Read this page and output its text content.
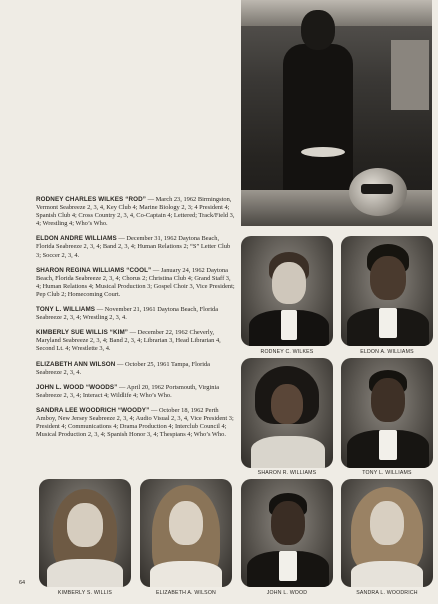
RODNEY CHARLES WILKES “ROD” — March 23, 1962 Birmingston, Vermont Seabreeze 2, 3, 4, Key Club 4; Marine Biology 2, 3; 4 President 4; Spanish Club 4; Cross Country 2, 3, 4, Co-Captain 4; Lettered; Track/Field 3, 4; Wrestling 4; Who’s Who.

ELDON ANDRE WILLIAMS — December 31, 1962 Daytona Beach, Florida Seabreeze 2, 3, 4; Band 2, 3, 4; Human Relations 2; “S” Letter Club 3; Soccer 2, 3, 4.

SHARON REGINA WILLIAMS “COOL” — January 24, 1962 Daytona Beach, Florida Seabreeze 2, 3, 4; Chorus 2; Christina Club 4; Grand Staff 3, 4; Human Relations 4; Musical Production 3; Gospel Choir 3, Vice President; Pep Club 2; Homecoming Court.

TONY L. WILLIAMS — November 21, 1961 Daytona Beach, Florida Seabreeze 2, 3, 4; Wrestling 2, 3, 4.

KIMBERLY SUE WILLIS “KIM” — December 22, 1962 Cheverly, Maryland Seabreeze 2, 3, 4; Band 2, 3, 4; Librarian 3, Head Librarian 4, Second Lt. 4; Wrestlette 3, 4.

ELIZABETH ANN WILSON — October 25, 1961 Tampa, Florida Seabreeze 2, 3, 4.

JOHN L. WOOD “WOODS” — April 20, 1962 Portsmouth, Virginia Seabreeze 2, 3, 4; Interact 4; Wildlife 4; Who’s Who.

SANDRA LEE WOODRICH “WOODY” — October 18, 1962 Perth Amboy, New Jersey Seabreeze 2, 3, 4; Audio Visual 2, 3, 4, Vice President 3; President 4; Communications 4; Drama Production 4; Interclub Council 4; Musical Production 2, 3, 4; Spanish Honor 3, 4; Thespians 4; Who’s Who.

RODNEY C. WILKES	ELDON A. WILLIAMS
SHARON R. WILLIAMS	TONY L. WILLIAMS
KIMBERLY S. WILLIS	ELIZABETH A. WILSON	JOHN L. WOOD	SANDRA L. WOODRICH
64
